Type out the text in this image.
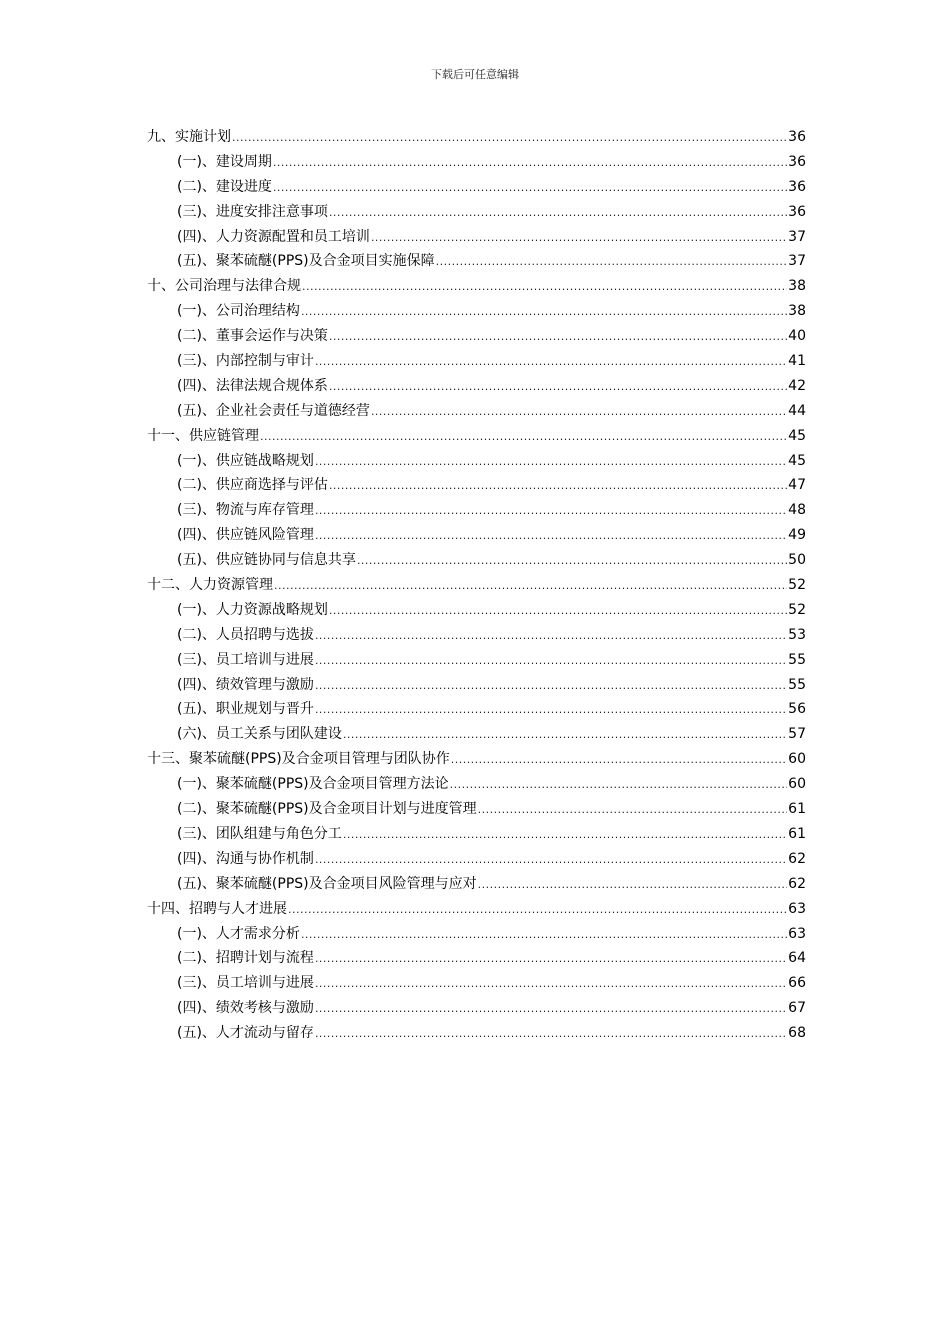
下载后可任意编辑
九、实施计划 .....	36
(一)、建设周期 .....	36
(二)、建设进度 .....	36
(三)、进度安排注意事项 .....	36
(四)、人力资源配置和员工培训 .....	37
(五)、聚苯硫醚(PPS)及合金项目实施保障 .....	37
十、公司治理与法律合规 .....	38
(一)、公司治理结构 .....	38
(二)、董事会运作与决策 .....	40
(三)、内部控制与审计 .....	41
(四)、法律法规合规体系 .....	42
(五)、企业社会责任与道德经营 .....	44
十一、供应链管理 .....	45
(一)、供应链战略规划 .....	45
(二)、供应商选择与评估 .....	47
(三)、物流与库存管理 .....	48
(四)、供应链风险管理 .....	49
(五)、供应链协同与信息共享 .....	50
十二、人力资源管理 .....	52
(一)、人力资源战略规划 .....	52
(二)、人员招聘与选拔 .....	53
(三)、员工培训与进展 .....	55
(四)、绩效管理与激励 .....	55
(五)、职业规划与晋升 .....	56
(六)、员工关系与团队建设 .....	57
十三、聚苯硫醚(PPS)及合金项目管理与团队协作 .....	60
(一)、聚苯硫醚(PPS)及合金项目管理方法论 .....	60
(二)、聚苯硫醚(PPS)及合金项目计划与进度管理 .....	61
(三)、团队组建与角色分工 .....	61
(四)、沟通与协作机制 .....	62
(五)、聚苯硫醚(PPS)及合金项目风险管理与应对 .....	62
十四、招聘与人才进展 .....	63
(一)、人才需求分析 .....	63
(二)、招聘计划与流程 .....	64
(三)、员工培训与进展 .....	66
(四)、绩效考核与激励 .....	67
(五)、人才流动与留存 .....	68
